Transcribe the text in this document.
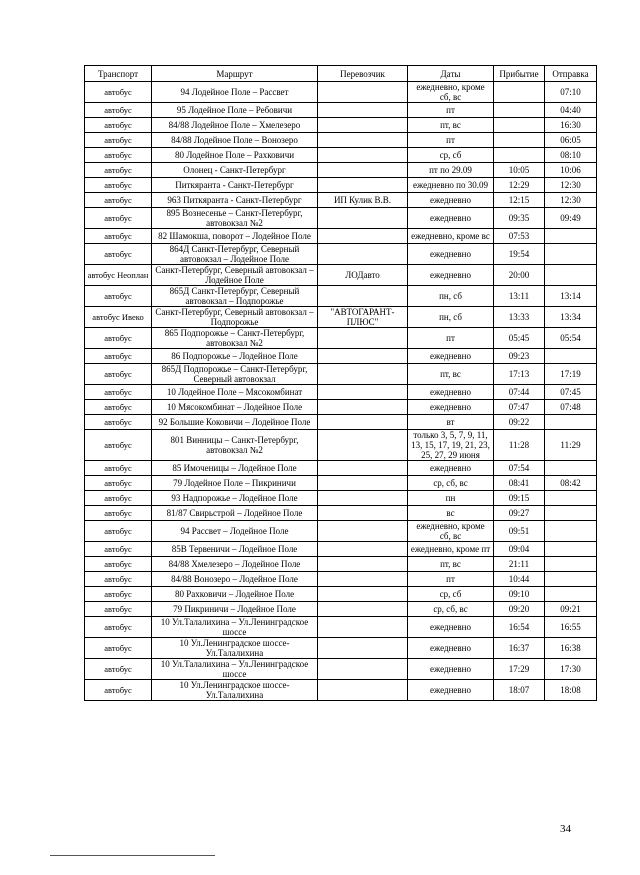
Транспорт	Маршрут	Перевозчик	Даты	Прибытие	Отправка
автобус	94 Лодейное Поле – Рассвет		ежедневно, кроме сб, вс		07:10
автобус	95 Лодейное Поле – Ребовичи		пт		04:40
автобус	84/88 Лодейное Поле – Хмелезеро		пт, вс		16:30
автобус	84/88 Лодейное Поле – Вонозеро		пт		06:05
автобус	80 Лодейное Поле – Рахковичи		ср, сб		08:10
автобус	Олонец - Санкт-Петербург		пт по 29.09	10:05	10:06
автобус	Питкяранта - Санкт-Петербург		ежедневно по 30.09	12:29	12:30
автобус	963 Питкяранта - Санкт-Петербург	ИП Кулик В.В.	ежедневно	12:15	12:30
автобус	895 Вознесенье – Санкт-Петербург, автовокзал №2		ежедневно	09:35	09:49
автобус	82 Шамокша, поворот – Лодейное Поле		ежедневно, кроме вс	07:53	
автобус	864Д Санкт-Петербург, Северный автовокзал – Лодейное Поле		ежедневно	19:54	
автобус Неоплан	Санкт-Петербург, Северный автовокзал – Лодейное Поле	ЛОДавто	ежедневно	20:00	
автобус	865Д Санкт-Петербург, Северный автовокзал – Подпорожье		пн, сб	13:11	13:14
автобус Ивеко	Санкт-Петербург, Северный автовокзал – Подпорожье	"АВТОГАРАНТ-ПЛЮС"	пн, сб	13:33	13:34
автобус	865 Подпорожье – Санкт-Петербург, автовокзал №2		пт	05:45	05:54
автобус	86 Подпорожье – Лодейное Поле		ежедневно	09:23	
автобус	865Д Подпорожье – Санкт-Петербург, Северный автовокзал		пт, вс	17:13	17:19
автобус	10 Лодейное Поле – Мясокомбинат		ежедневно	07:44	07:45
автобус	10 Мясокомбинат – Лодейное Поле		ежедневно	07:47	07:48
автобус	92 Большие Коковичи – Лодейное Поле		вт	09:22	
автобус	801 Винницы – Санкт-Петербург, автовокзал №2		только 3, 5, 7, 9, 11, 13, 15, 17, 19, 21, 23, 25, 27, 29 июня	11:28	11:29
автобус	85 Имоченицы – Лодейное Поле		ежедневно	07:54	
автобус	79 Лодейное Поле – Пикриничи		ср, сб, вс	08:41	08:42
автобус	93 Надпорожье – Лодейное Поле		пн	09:15	
автобус	81/87 Свирьстрой – Лодейное Поле		вс	09:27	
автобус	94 Рассвет – Лодейное Поле		ежедневно, кроме сб, вс	09:51	
автобус	85В Тервеничи – Лодейное Поле		ежедневно, кроме пт	09:04	
автобус	84/88 Хмелезеро – Лодейное Поле		пт, вс	21:11	
автобус	84/88 Вонозеро – Лодейное Поле		пт	10:44	
автобус	80 Рахковичи – Лодейное Поле		ср, сб	09:10	
автобус	79 Пикриничи – Лодейное Поле		ср, сб, вс	09:20	09:21
автобус	10 Ул.Талалихина – Ул.Ленинградское шоссе		ежедневно	16:54	16:55
автобус	10 Ул.Ленинградское шоссе- Ул.Талалихина		ежедневно	16:37	16:38
автобус	10 Ул.Талалихина – Ул.Ленинградское шоссе		ежедневно	17:29	17:30
автобус	10 Ул.Ленинградское шоссе- Ул.Талалихина		ежедневно	18:07	18:08
34
